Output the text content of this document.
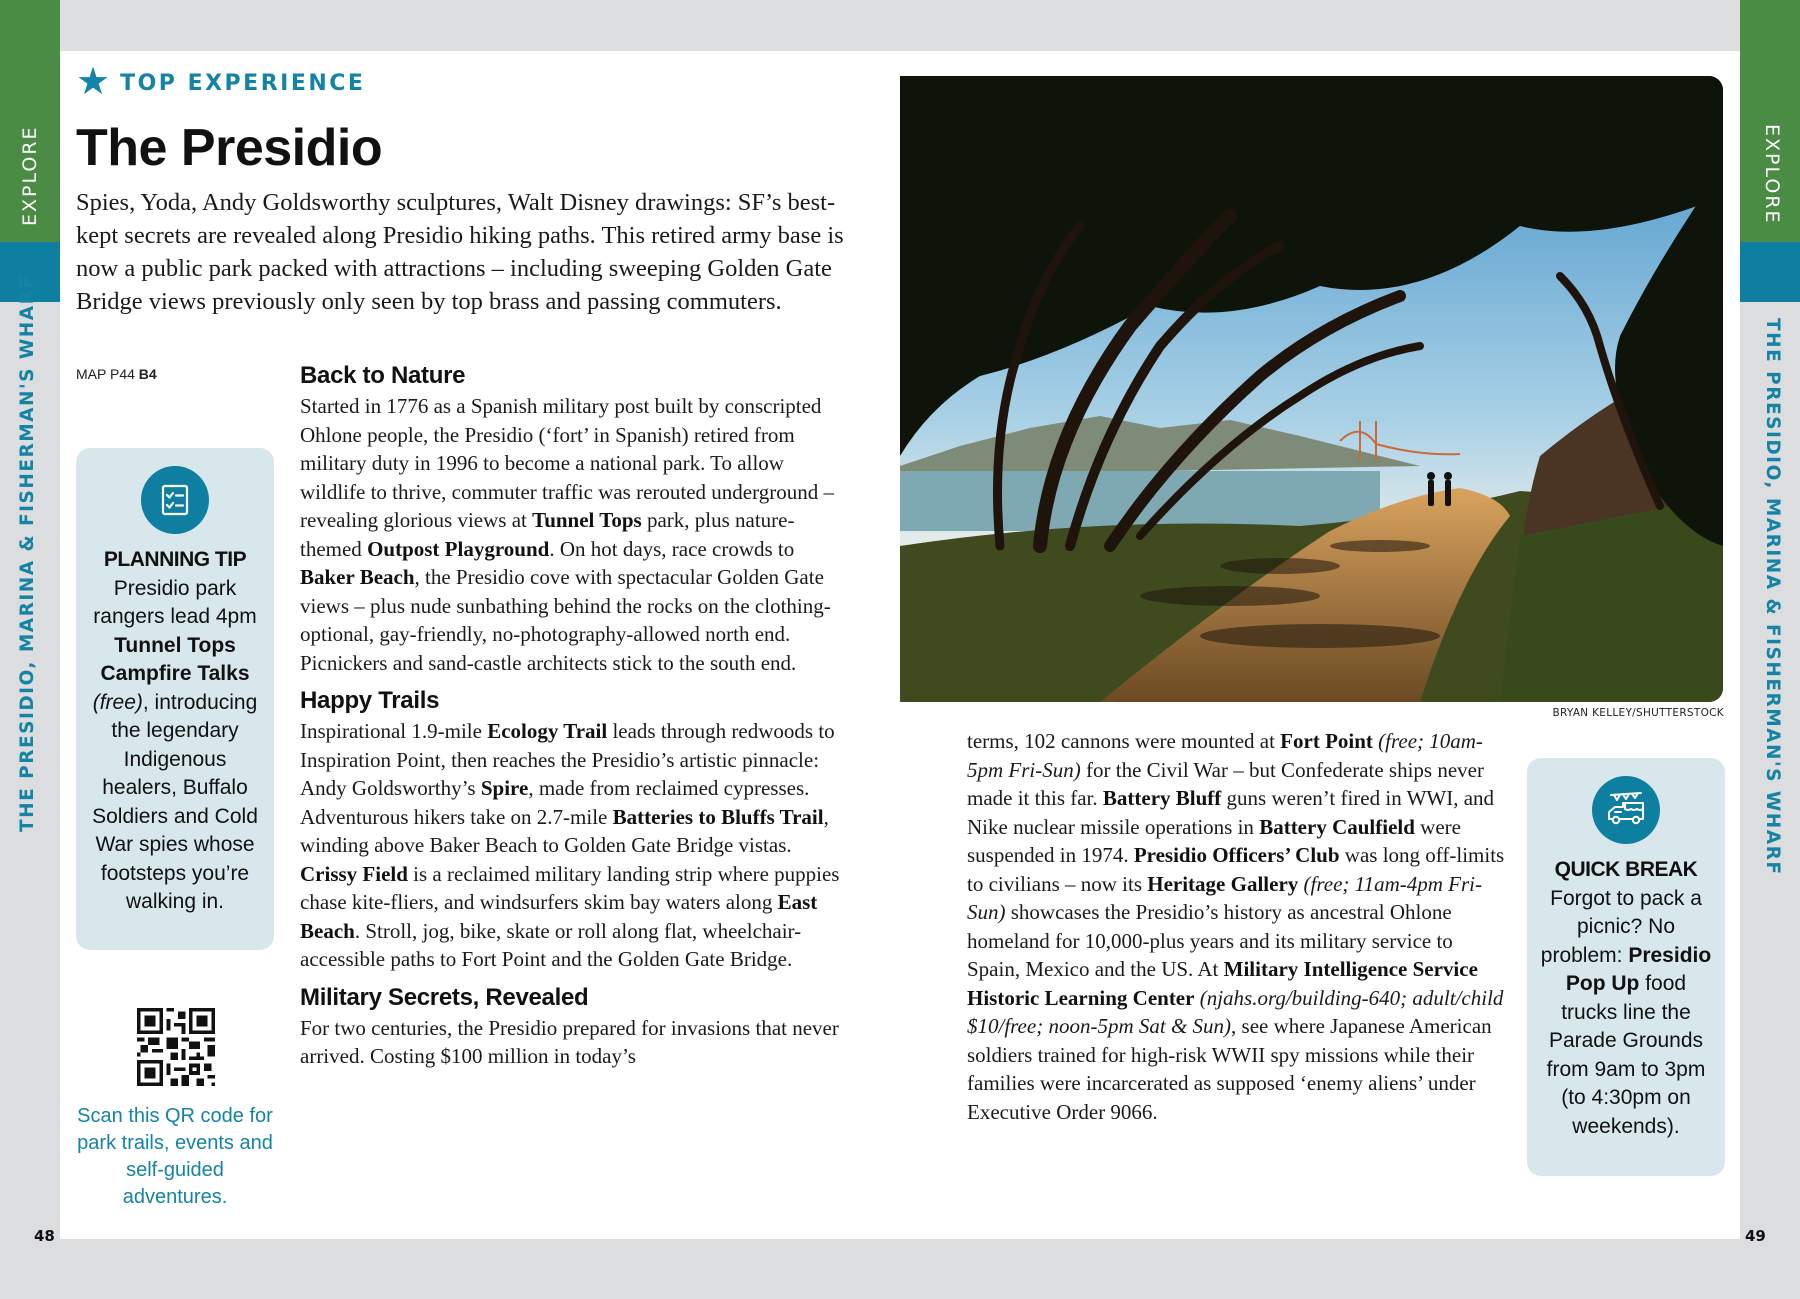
EXPLORE
THE PRESIDIO, MARINA & FISHERMAN'S WHARF
EXPLORE
THE PRESIDIO, MARINA & FISHERMAN'S WHARF
48	49
★ TOP EXPERIENCE
The Presidio

Spies, Yoda, Andy Goldsworthy sculptures, Walt Disney drawings: SF’s best-kept secrets are revealed along Presidio hiking paths. This retired army base is now a public park packed with attractions – including sweeping Golden Gate Bridge views previously only seen by top brass and passing commuters.

MAP P44 B4
PLANNING TIP
Presidio park rangers lead 4pm Tunnel Tops Campfire Talks (free), introducing the legendary Indigenous healers, Buffalo Soldiers and Cold War spies whose footsteps you’re walking in.
Scan this QR code for park trails, events and self-guided adventures.
Back to Nature

Started in 1776 as a Spanish military post built by conscripted Ohlone people, the Presidio (‘fort’ in Spanish) retired from military duty in 1996 to become a national park. To allow wildlife to thrive, commuter traffic was rerouted underground – revealing glorious views at Tunnel Tops park, plus nature-themed Outpost Playground. On hot days, race crowds to Baker Beach, the Presidio cove with spectacular Golden Gate views – plus nude sunbathing behind the rocks on the clothing-optional, gay-friendly, no-photography-allowed north end. Picnickers and sand-castle architects stick to the south end.

Happy Trails

Inspirational 1.9-mile Ecology Trail leads through redwoods to Inspiration Point, then reaches the Presidio’s artistic pinnacle: Andy Goldsworthy’s Spire, made from reclaimed cypresses. Adventurous hikers take on 2.7-mile Batteries to Bluffs Trail, winding above Baker Beach to Golden Gate Bridge vistas. Crissy Field is a reclaimed military landing strip where puppies chase kite-fliers, and windsurfers skim bay waters along East Beach. Stroll, jog, bike, skate or roll along flat, wheelchair-accessible paths to Fort Point and the Golden Gate Bridge.

Military Secrets, Revealed

For two centuries, the Presidio prepared for invasions that never arrived. Costing $100 million in today’s

BRYAN KELLEY/SHUTTERSTOCK

terms, 102 cannons were mounted at Fort Point (free; 10am-5pm Fri-Sun) for the Civil War – but Confederate ships never made it this far. Battery Bluff guns weren’t fired in WWI, and Nike nuclear missile operations in Battery Caulfield were suspended in 1974. Presidio Officers’ Club was long off-limits to civilians – now its Heritage Gallery (free; 11am-4pm Fri-Sun) showcases the Presidio’s history as ancestral Ohlone homeland for 10,000-plus years and its military service to Spain, Mexico and the US. At Military Intelligence Service Historic Learning Center (njahs.org/building-640; adult/child $10/free; noon-5pm Sat & Sun), see where Japanese American soldiers trained for high-risk WWII spy missions while their families were incarcerated as supposed ‘enemy aliens’ under Executive Order 9066.

QUICK BREAK
Forgot to pack a picnic? No problem: Presidio Pop Up food trucks line the Parade Grounds from 9am to 3pm (to 4:30pm on weekends).
